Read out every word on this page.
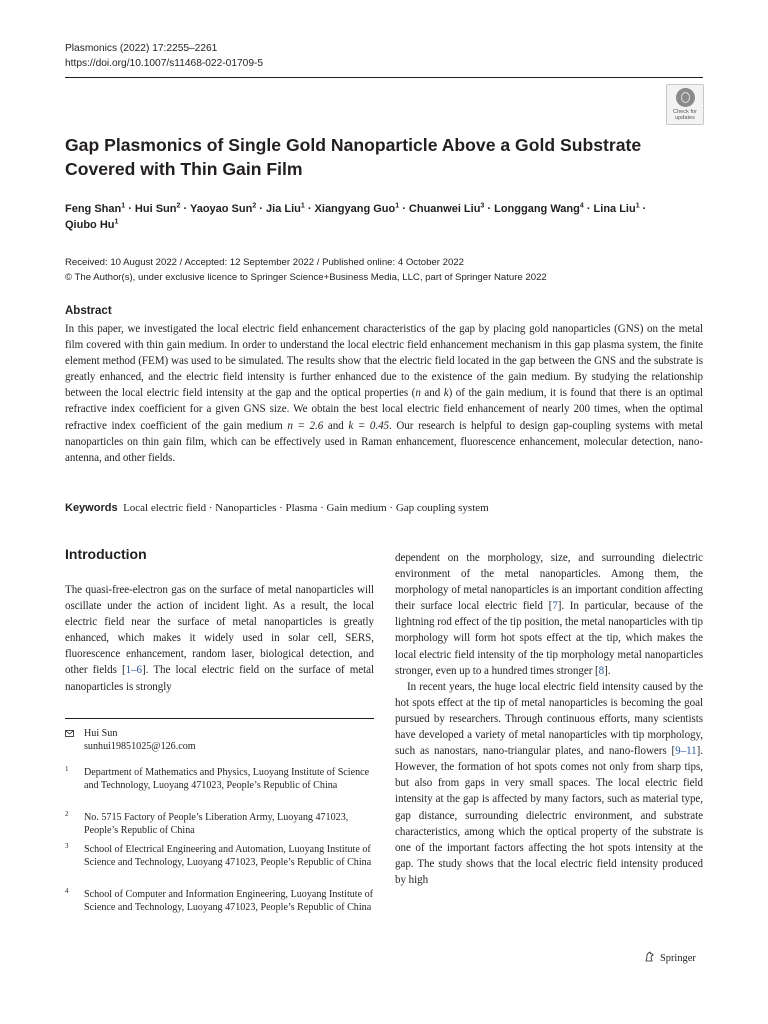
Plasmonics (2022) 17:2255–2261
https://doi.org/10.1007/s11468-022-01709-5
Check for
updates
Gap Plasmonics of Single Gold Nanoparticle Above a Gold Substrate
Covered with Thin Gain Film
Feng Shan$^1$ · Hui Sun$^2$ · Yaoyao Sun$^2$ · Jia Liu$^1$ · Xiangyang Guo$^1$ · Chuanwei Liu$^3$ · Longgang Wang$^4$ · Lina Liu$^1$ ·
Qiubo Hu$^1$
Received: 10 August 2022 / Accepted: 12 September 2022 / Published online: 4 October 2022
© The Author(s), under exclusive licence to Springer Science+Business Media, LLC, part of Springer Nature 2022
Abstract
In this paper, we investigated the local electric field enhancement characteristics of the gap by placing gold nanoparticles (GNS) on the metal film covered with thin gain medium. In order to understand the local electric field enhancement mechanism in this gap plasma system, the finite element method (FEM) was used to be simulated. The results show that the electric field located in the gap between the GNS and the substrate is greatly enhanced, and the electric field intensity is further enhanced due to the existence of the gain medium. By studying the relationship between the local electric field intensity at the gap and the optical properties (n and k) of the gain medium, it is found that there is an optimal refractive index coefficient for a given GNS size. We obtain the best local electric field enhancement of nearly 200 times, when the optimal refractive index coefficient of the gain medium n = 2.6 and k = 0.45. Our research is helpful to design gap-coupling systems with metal nanoparticles on thin gain film, which can be effectively used in Raman enhancement, fluorescence enhancement, molecular detection, nano-antenna, and other fields.
Keywords Local electric field · Nanoparticles · Plasma · Gain medium · Gap coupling system
Introduction

The quasi-free-electron gas on the surface of metal nanoparticles will oscillate under the action of incident light. As a result, the local electric field near the surface of metal nanoparticles is greatly enhanced, which makes it widely used in solar cell, SERS, fluorescence enhancement, random laser, biological detection, and other fields [1–6]. The local electric field on the surface of metal nanoparticles is strongly

dependent on the morphology, size, and surrounding dielectric environment of the metal nanoparticles. Among them, the morphology of metal nanoparticles is an important condition affecting their surface local electric field [7]. In particular, because of the lightning rod effect of the tip position, the metal nanoparticles with tip morphology will form hot spots effect at the tip, which makes the local electric field intensity of the tip morphology metal nanoparticles stronger, even up to a hundred times stronger [8].

In recent years, the huge local electric field intensity caused by the hot spots effect at the tip of metal nanoparticles is becoming the goal pursued by researchers. Through continuous efforts, many scientists have developed a variety of metal nanoparticles with tip morphology, such as nanostars, nano-triangular plates, and nano-flowers [9–11]. However, the formation of hot spots comes not only from sharp tips, but also from gaps in very small spaces. The local electric field intensity at the gap is affected by many factors, such as material type, gap distance, surrounding dielectric environment, and substrate characteristics, among which the optical property of the substrate is one of the important factors affecting the hot spots intensity at the gap. The study shows that the local electric field intensity produced by high

Hui Sun
sunhui19851025@126.com
1 Department of Mathematics and Physics, Luoyang Institute of Science and Technology, Luoyang 471023, People’s Republic of China
2 No. 5715 Factory of People’s Liberation Army, Luoyang 471023, People’s Republic of China
3 School of Electrical Engineering and Automation, Luoyang Institute of Science and Technology, Luoyang 471023, People’s Republic of China
4 School of Computer and Information Engineering, Luoyang Institute of Science and Technology, Luoyang 471023, People’s Republic of China
Springer
